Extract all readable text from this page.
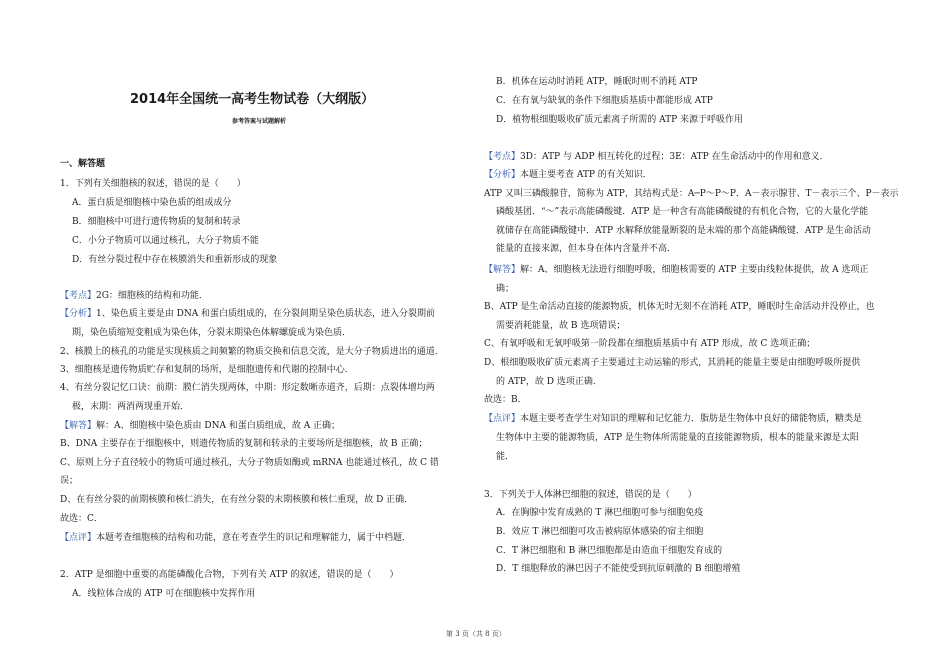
2014年全国统一高考生物试卷（大纲版）
参考答案与试题解析
一、解答题
1．下列有关细胞核的叙述，错误的是（　　）
A．蛋白质是细胞核中染色质的组成成分
B．细胞核中可进行遗传物质的复制和转录
C．小分子物质可以通过核孔，大分子物质不能
D．有丝分裂过程中存在核膜消失和重新形成的现象
【考点】2G：细胞核的结构和功能．
【分析】1、染色质主要是由 DNA 和蛋白质组成的，在分裂间期呈染色质状态，进入分裂期前
期，染色质缩短变粗成为染色体，分裂末期染色体解螺旋成为染色质．
2、核膜上的核孔的功能是实现核质之间频繁的物质交换和信息交流，是大分子物质进出的通道．
3、细胞核是遗传物质贮存和复制的场所，是细胞遗传和代谢的控制中心．
4、有丝分裂记忆口诀：前期：膜仁消失现两体，中期：形定数晰赤道齐，后期：点裂体增均两
极，末期：两消两现重开始．
【解答】解：A、细胞核中染色质由 DNA 和蛋白质组成，故 A 正确；
B、DNA 主要存在于细胞核中，则遗传物质的复制和转录的主要场所是细胞核，故 B 正确；
C、原则上分子直径较小的物质可通过核孔，大分子物质如酶或 mRNA 也能通过核孔，故 C 错
误；
D、在有丝分裂的前期核膜和核仁消失，在有丝分裂的末期核膜和核仁重现，故 D 正确．
故选：C．
【点评】本题考查细胞核的结构和功能，意在考查学生的识记和理解能力，属于中档题．
2．ATP 是细胞中重要的高能磷酸化合物，下列有关 ATP 的叙述，错误的是（　　）
A．线粒体合成的 ATP 可在细胞核中发挥作用
B．机体在运动时消耗 ATP，睡眠时则不消耗 ATP
C．在有氧与缺氧的条件下细胞质基质中都能形成 ATP
D．植物根细胞吸收矿质元素离子所需的 ATP 来源于呼吸作用
【考点】3D：ATP 与 ADP 相互转化的过程；3E：ATP 在生命活动中的作用和意义．
【分析】本题主要考查 ATP 的有关知识．
ATP 又叫三磷酸腺苷，简称为 ATP，其结构式是：A─P～P～P．A－表示腺苷、T－表示三个、P－表示
磷酸基团．“～”表示高能磷酸键．ATP 是一种含有高能磷酸键的有机化合物，它的大量化学能
就储存在高能磷酸键中．ATP 水解释放能量断裂的是末端的那个高能磷酸键．ATP 是生命活动
能量的直接来源，但本身在体内含量并不高．
【解答】解：A、细胞核无法进行细胞呼吸，细胞核需要的 ATP 主要由线粒体提供，故 A 选项正
确；
B、ATP 是生命活动直接的能源物质，机体无时无刻不在消耗 ATP，睡眠时生命活动并没停止，也
需要消耗能量，故 B 选项错误；
C、有氧呼吸和无氧呼吸第一阶段都在细胞质基质中有 ATP 形成，故 C 选项正确；
D、根细胞吸收矿质元素离子主要通过主动运输的形式，其消耗的能量主要是由细胞呼吸所提供
的 ATP，故 D 选项正确．
故选：B．
【点评】本题主要考查学生对知识的理解和记忆能力．脂肪是生物体中良好的储能物质，糖类是
生物体中主要的能源物质，ATP 是生物体所需能量的直接能源物质，根本的能量来源是太阳
能．
3．下列关于人体淋巴细胞的叙述，错误的是（　　）
A．在胸腺中发育成熟的 T 淋巴细胞可参与细胞免疫
B．效应 T 淋巴细胞可攻击被病原体感染的宿主细胞
C．T 淋巴细胞和 B 淋巴细胞都是由造血干细胞发育成的
D．T 细胞释放的淋巴因子不能使受到抗原刺激的 B 细胞增殖
第 3 页（共 8 页）
